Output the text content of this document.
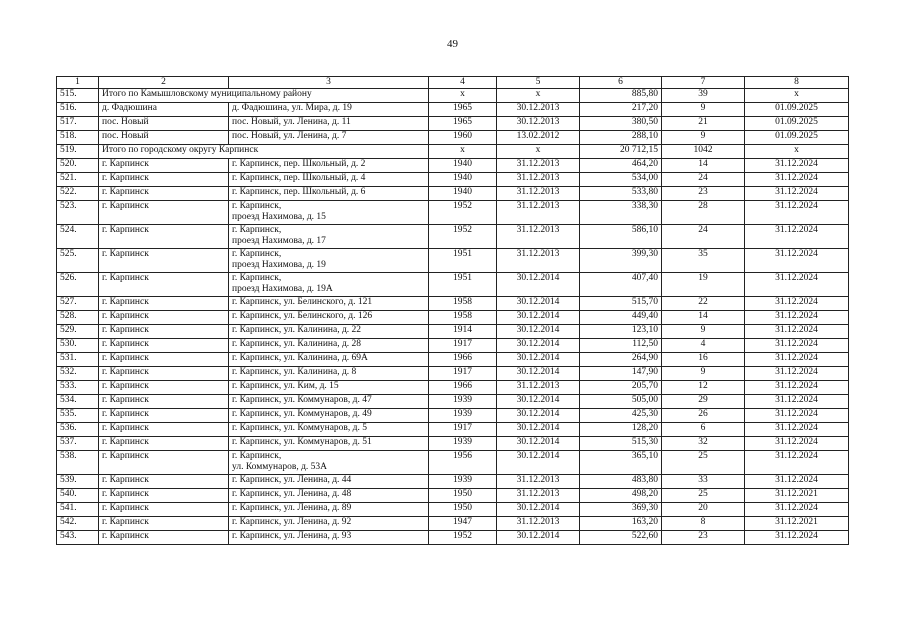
49
1	2	3	4	5	6	7	8
515.	Итого по Камышловскому муниципальному району		x	x	885,80	39	x
516.	д. Фадюшина	д. Фадюшина, ул. Мира, д. 19	1965	30.12.2013	217,20	9	01.09.2025
517.	пос. Новый	пос. Новый, ул. Ленина, д. 11	1965	30.12.2013	380,50	21	01.09.2025
518.	пос. Новый	пос. Новый, ул. Ленина, д. 7	1960	13.02.2012	288,10	9	01.09.2025
519.	Итого по городскому округу Карпинск		x	x	20 712,15	1042	x
520.	г. Карпинск	г. Карпинск, пер. Школьный, д. 2	1940	31.12.2013	464,20	14	31.12.2024
521.	г. Карпинск	г. Карпинск, пер. Школьный, д. 4	1940	31.12.2013	534,00	24	31.12.2024
522.	г. Карпинск	г. Карпинск, пер. Школьный, д. 6	1940	31.12.2013	533,80	23	31.12.2024
523.	г. Карпинск	г. Карпинск,
проезд Нахимова, д. 15	1952	31.12.2013	338,30	28	31.12.2024
524.	г. Карпинск	г. Карпинск,
проезд Нахимова, д. 17	1952	31.12.2013	586,10	24	31.12.2024
525.	г. Карпинск	г. Карпинск,
проезд Нахимова, д. 19	1951	31.12.2013	399,30	35	31.12.2024
526.	г. Карпинск	г. Карпинск,
проезд Нахимова, д. 19А	1951	30.12.2014	407,40	19	31.12.2024
527.	г. Карпинск	г. Карпинск, ул. Белинского, д. 121	1958	30.12.2014	515,70	22	31.12.2024
528.	г. Карпинск	г. Карпинск, ул. Белинского, д. 126	1958	30.12.2014	449,40	14	31.12.2024
529.	г. Карпинск	г. Карпинск, ул. Калинина, д. 22	1914	30.12.2014	123,10	9	31.12.2024
530.	г. Карпинск	г. Карпинск, ул. Калинина, д. 28	1917	30.12.2014	112,50	4	31.12.2024
531.	г. Карпинск	г. Карпинск, ул. Калинина, д. 69А	1966	30.12.2014	264,90	16	31.12.2024
532.	г. Карпинск	г. Карпинск, ул. Калинина, д. 8	1917	30.12.2014	147,90	9	31.12.2024
533.	г. Карпинск	г. Карпинск, ул. Ким, д. 15	1966	31.12.2013	205,70	12	31.12.2024
534.	г. Карпинск	г. Карпинск, ул. Коммунаров, д. 47	1939	30.12.2014	505,00	29	31.12.2024
535.	г. Карпинск	г. Карпинск, ул. Коммунаров, д. 49	1939	30.12.2014	425,30	26	31.12.2024
536.	г. Карпинск	г. Карпинск, ул. Коммунаров, д. 5	1917	30.12.2014	128,20	6	31.12.2024
537.	г. Карпинск	г. Карпинск, ул. Коммунаров, д. 51	1939	30.12.2014	515,30	32	31.12.2024
538.	г. Карпинск	г. Карпинск,
ул. Коммунаров, д. 53А	1956	30.12.2014	365,10	25	31.12.2024
539.	г. Карпинск	г. Карпинск, ул. Ленина, д. 44	1939	31.12.2013	483,80	33	31.12.2024
540.	г. Карпинск	г. Карпинск, ул. Ленина, д. 48	1950	31.12.2013	498,20	25	31.12.2021
541.	г. Карпинск	г. Карпинск, ул. Ленина, д. 89	1950	30.12.2014	369,30	20	31.12.2024
542.	г. Карпинск	г. Карпинск, ул. Ленина, д. 92	1947	31.12.2013	163,20	8	31.12.2021
543.	г. Карпинск	г. Карпинск, ул. Ленина, д. 93	1952	30.12.2014	522,60	23	31.12.2024
